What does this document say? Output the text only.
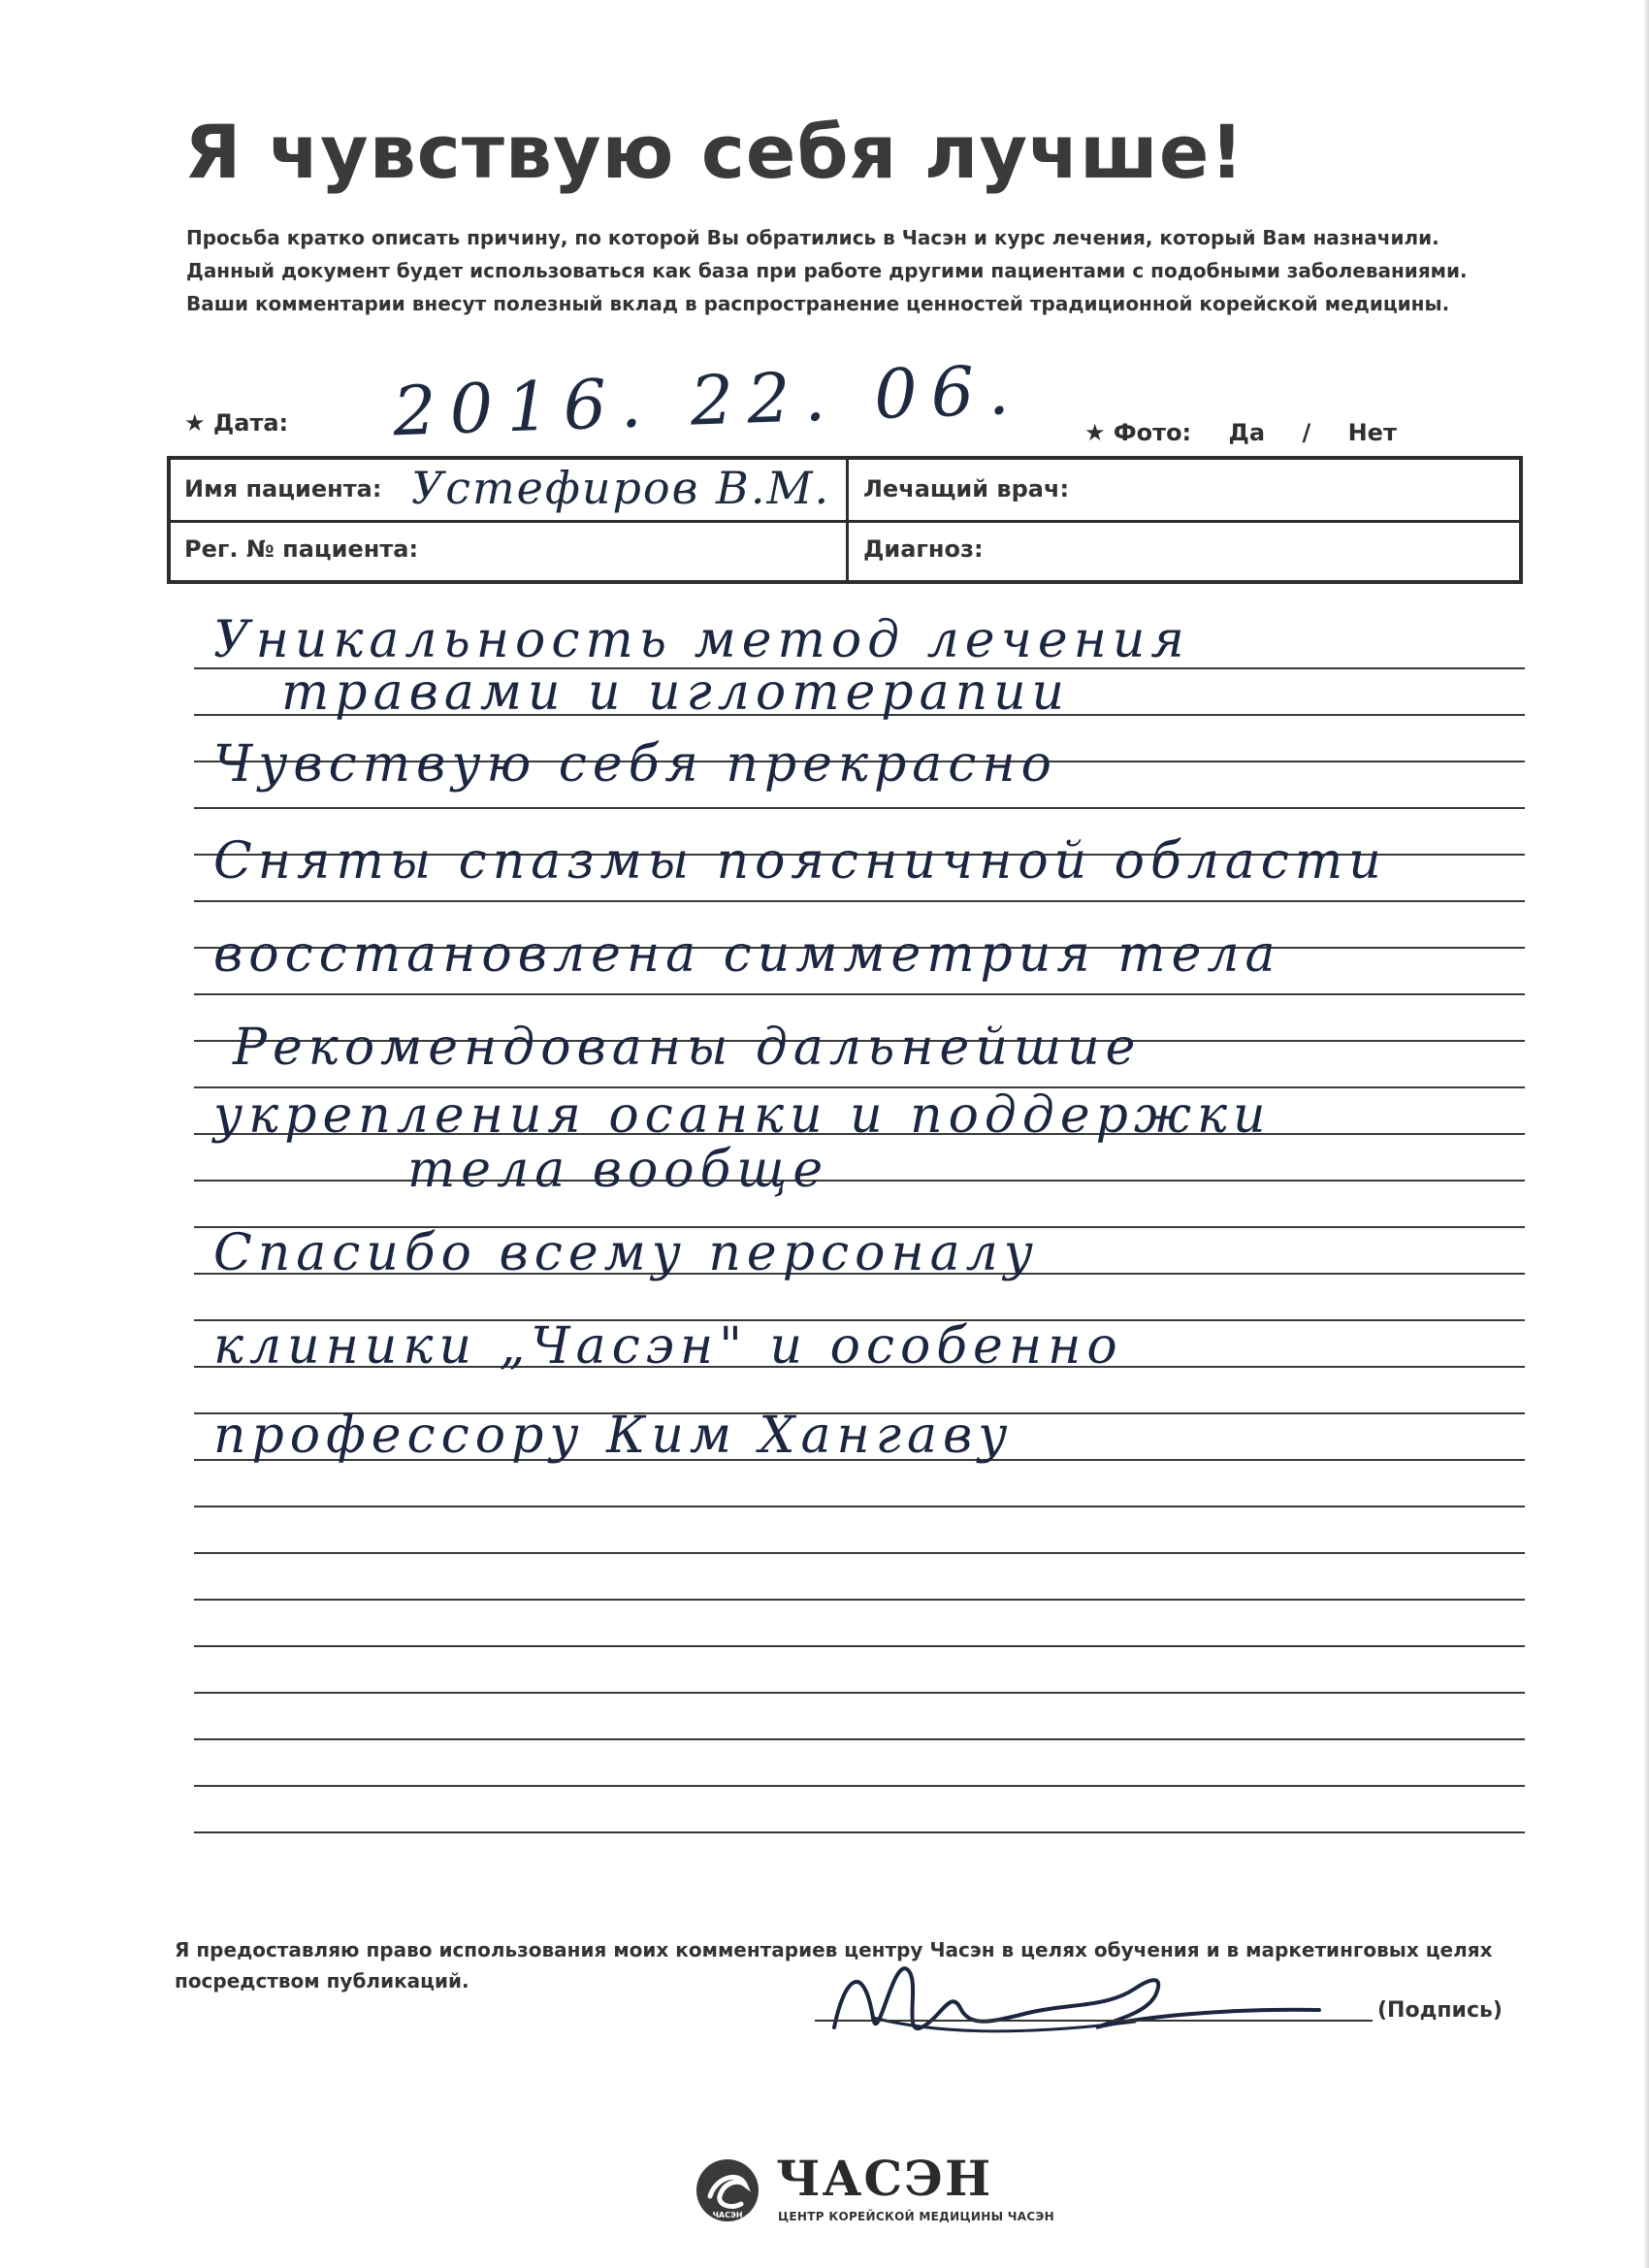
Я чувствую себя лучше!
Просьба кратко описать причину, по которой Вы обратились в Часэн и курс лечения, который Вам назначили.
Данный документ будет использоваться как база при работе другими пациентами с подобными заболеваниями.
Ваши комментарии внесут полезный вклад в распространение ценностей традиционной корейской медицины.
★ Дата: 2016. 22. 06.	★ Фото: Да / Нет
Имя пациента: Устефиров В.М. Лечащий врач:
Рег. № пациента:	Диагноз:
Уникальность метод лечения
травами и иглотерапии
Чувствую себя прекрасно
Сняты спазмы поясничной области
восстановлена симметрия тела
Рекомендованы дальнейшие
укрепления осанки и поддержки
тела вообще
Спасибо всему персоналу
клиники „Часэн" и особенно
профессору Ким Хангаву
Я предоставляю право использования моих комментариев центру Часэн в целях обучения и в маркетинговых целях
посредством публикаций.
(Подпись)
ЧАСЭН
ЧАСЭН
ЦЕНТР КОРЕЙСКОЙ МЕДИЦИНЫ ЧАСЭН
